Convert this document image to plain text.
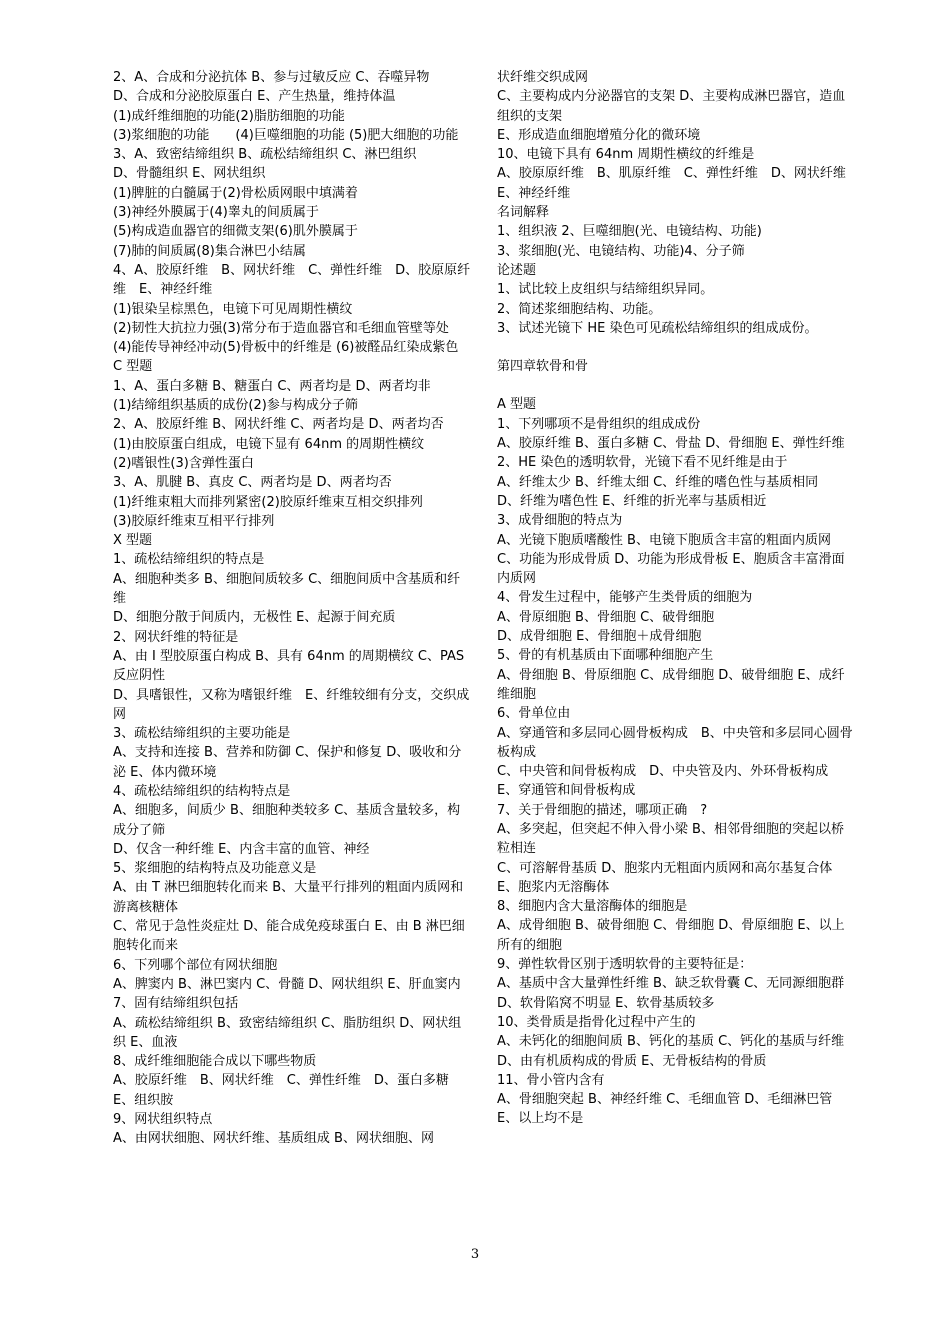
2、A、合成和分泌抗体 B、参与过敏反应 C、吞噬异物
D、合成和分泌胶原蛋白 E、产生热量，维持体温
(1)成纤维细胞的功能(2)脂肪细胞的功能
(3)浆细胞的功能　　(4)巨噬细胞的功能 (5)肥大细胞的功能
3、A、致密结缔组织 B、疏松结缔组织 C、淋巴组织
D、骨髓组织 E、网状组织
(1)脾脏的白髓属于(2)骨松质网眼中填满着
(3)神经外膜属于(4)睾丸的间质属于
(5)构成造血器官的细微支架(6)肌外膜属于
(7)肺的间质属(8)集合淋巴小结属
4、A、胶原纤维　B、网状纤维　C、弹性纤维　D、胶原原纤维　E、神经纤维
(1)银染呈棕黑色，电镜下可见周期性横纹
(2)韧性大抗拉力强(3)常分布于造血器官和毛细血管壁等处
(4)能传导神经冲动(5)骨板中的纤维是 (6)被醛品红染成紫色
C 型题
1、A、蛋白多糖 B、糖蛋白 C、两者均是 D、两者均非
(1)结缔组织基质的成份(2)参与构成分子筛
2、A、胶原纤维 B、网状纤维 C、两者均是 D、两者均否
(1)由胶原蛋白组成，电镜下显有 64nm 的周期性横纹
(2)嗜银性(3)含弹性蛋白
3、A、肌腱 B、真皮 C、两者均是 D、两者均否
(1)纤维束粗大而排列紧密(2)胶原纤维束互相交织排列
(3)胶原纤维束互相平行排列
X 型题
1、疏松结缔组织的特点是
A、细胞种类多 B、细胞间质较多 C、细胞间质中含基质和纤维
D、细胞分散于间质内，无极性 E、起源于间充质
2、网状纤维的特征是
A、由 I 型胶原蛋白构成 B、具有 64nm 的周期横纹 C、PAS 反应阴性
D、具嗜银性，又称为嗜银纤维　E、纤维较细有分支，交织成网
3、疏松结缔组织的主要功能是
A、支持和连接 B、营养和防御 C、保护和修复 D、吸收和分泌 E、体内微环境
4、疏松结缔组织的结构特点是
A、细胞多，间质少 B、细胞种类较多 C、基质含量较多，构成分了筛
D、仅含一种纤维 E、内含丰富的血管、神经
5、浆细胞的结构特点及功能意义是
A、由 T 淋巴细胞转化而来 B、大量平行排列的粗面内质网和游离核糖体
C、常见于急性炎症灶 D、能合成免疫球蛋白 E、由 B 淋巴细胞转化而来
6、下列哪个部位有网状细胞
A、脾窦内 B、淋巴窦内 C、骨髓 D、网状组织 E、肝血窦内
7、固有结缔组织包括
A、疏松结缔组织 B、致密结缔组织 C、脂肪组织 D、网状组织 E、血液
8、成纤维细胞能合成以下哪些物质
A、胶原纤维　B、网状纤维　C、弹性纤维　D、蛋白多糖　E、组织胺
9、网状组织特点
A、由网状细胞、网状纤维、基质组成 B、网状细胞、网
状纤维交织成网
C、主要构成内分泌器官的支架 D、主要构成淋巴器官，造血组织的支架
E、形成造血细胞增殖分化的微环境
10、电镜下具有 64nm 周期性横纹的纤维是
A、胶原原纤维　B、肌原纤维　C、弹性纤维　D、网状纤维　E、神经纤维
名词解释
1、组织液 2、巨噬细胞(光、电镜结构、功能)
3、浆细胞(光、电镜结构、功能)4、分子筛
论述题
1、试比较上皮组织与结缔组织异同。
2、简述浆细胞结构、功能。
3、试述光镜下 HE 染色可见疏松结缔组织的组成成份。
第四章软骨和骨
A 型题
1、下列哪项不是骨组织的组成成份
A、胶原纤维 B、蛋白多糖 C、骨盐 D、骨细胞 E、弹性纤维
2、HE 染色的透明软骨，光镜下看不见纤维是由于
A、纤维太少 B、纤维太细 C、纤维的嗜色性与基质相同
D、纤维为嗜色性 E、纤维的折光率与基质相近
3、成骨细胞的特点为
A、光镜下胞质嗜酸性 B、电镜下胞质含丰富的粗面内质网
C、功能为形成骨质 D、功能为形成骨板 E、胞质含丰富滑面内质网
4、骨发生过程中，能够产生类骨质的细胞为
A、骨原细胞 B、骨细胞 C、破骨细胞
D、成骨细胞 E、骨细胞＋成骨细胞
5、骨的有机基质由下面哪种细胞产生
A、骨细胞 B、骨原细胞 C、成骨细胞 D、破骨细胞 E、成纤维细胞
6、骨单位由
A、穿通管和多层同心圆骨板构成　B、中央管和多层同心圆骨板构成
C、中央管和间骨板构成　D、中央管及内、外环骨板构成
E、穿通管和间骨板构成
7、关于骨细胞的描述，哪项正确　?
A、多突起，但突起不伸入骨小梁 B、相邻骨细胞的突起以桥粒相连
C、可溶解骨基质 D、胞浆内无粗面内质网和高尔基复合体
E、胞浆内无溶酶体
8、细胞内含大量溶酶体的细胞是
A、成骨细胞 B、破骨细胞 C、骨细胞 D、骨原细胞 E、以上所有的细胞
9、弹性软骨区别于透明软骨的主要特征是：
A、基质中含大量弹性纤维 B、缺乏软骨囊 C、无同源细胞群
D、软骨陷窝不明显 E、软骨基质较多
10、类骨质是指骨化过程中产生的
A、未钙化的细胞间质 B、钙化的基质 C、钙化的基质与纤维
D、由有机质构成的骨质 E、无骨板结构的骨质
11、骨小管内含有
A、骨细胞突起 B、神经纤维 C、毛细血管 D、毛细淋巴管 E、以上均不是
3
